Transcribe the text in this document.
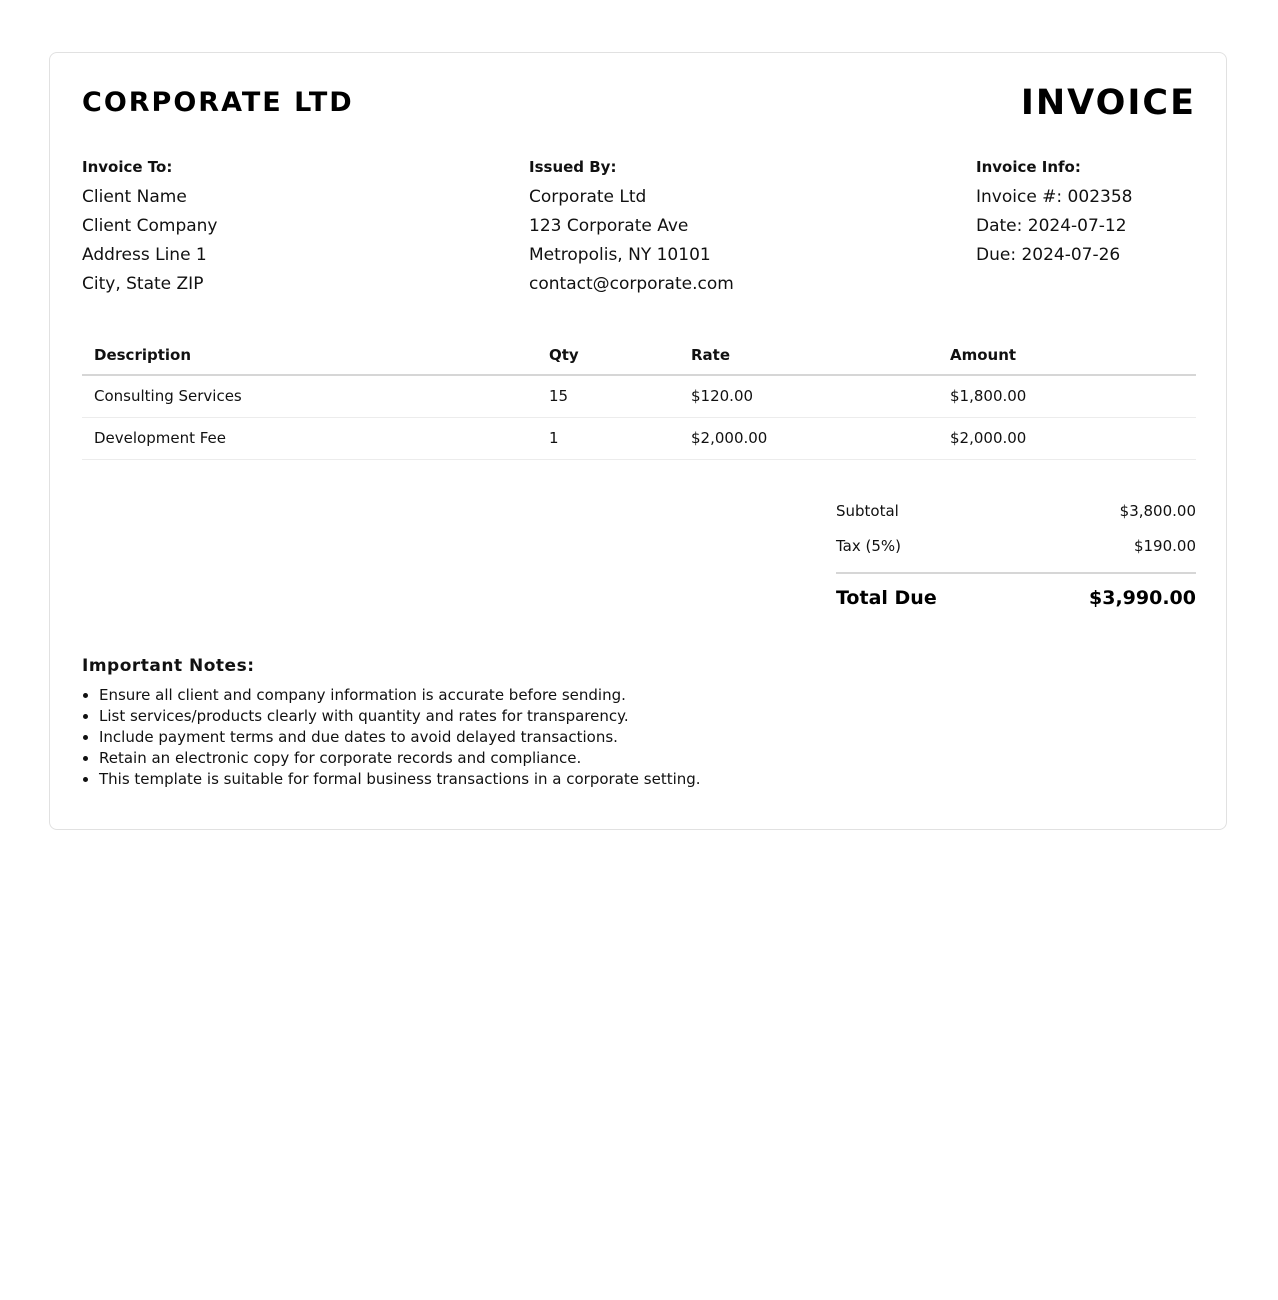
CORPORATE LTD	INVOICE
Invoice To:
Client Name
Client Company
Address Line 1
City, State ZIP
Issued By:
Corporate Ltd
123 Corporate Ave
Metropolis, NY 10101
contact@corporate.com
Invoice Info:
Invoice #: 002358
Date: 2024-07-12
Due: 2024-07-26
Description	Qty	Rate	Amount
Consulting Services	15	$120.00	$1,800.00
Development Fee	1	$2,000.00	$2,000.00
Subtotal	$3,800.00
Tax (5%)	$190.00
Total Due	$3,990.00
Important Notes:
• Ensure all client and company information is accurate before sending.
• List services/products clearly with quantity and rates for transparency.
• Include payment terms and due dates to avoid delayed transactions.
• Retain an electronic copy for corporate records and compliance.
• This template is suitable for formal business transactions in a corporate setting.
